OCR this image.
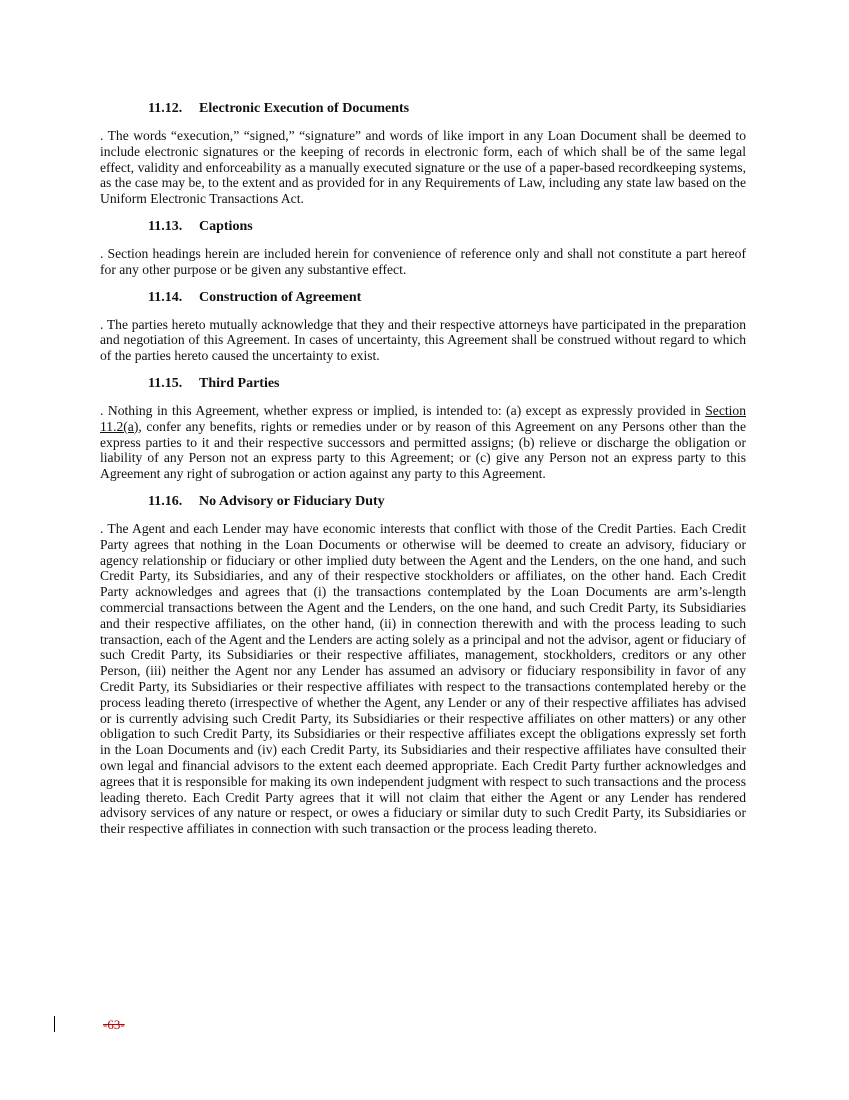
11.12. Electronic Execution of Documents

. The words “execution,” “signed,” “signature” and words of like import in any Loan Document shall be deemed to include electronic signatures or the keeping of records in electronic form, each of which shall be of the same legal effect, validity and enforceability as a manually executed signature or the use of a paper-based recordkeeping systems, as the case may be, to the extent and as provided for in any Requirements of Law, including any state law based on the Uniform Electronic Transactions Act.

11.13. Captions

. Section headings herein are included herein for convenience of reference only and shall not constitute a part hereof for any other purpose or be given any substantive effect.

11.14. Construction of Agreement

. The parties hereto mutually acknowledge that they and their respective attorneys have participated in the preparation and negotiation of this Agreement. In cases of uncertainty, this Agreement shall be construed without regard to which of the parties hereto caused the uncertainty to exist.

11.15. Third Parties

. Nothing in this Agreement, whether express or implied, is intended to: (a) except as expressly provided in Section 11.2(a), confer any benefits, rights or remedies under or by reason of this Agreement on any Persons other than the express parties to it and their respective successors and permitted assigns; (b) relieve or discharge the obligation or liability of any Person not an express party to this Agreement; or (c) give any Person not an express party to this Agreement any right of subrogation or action against any party to this Agreement.

11.16. No Advisory or Fiduciary Duty

. The Agent and each Lender may have economic interests that conflict with those of the Credit Parties. Each Credit Party agrees that nothing in the Loan Documents or otherwise will be deemed to create an advisory, fiduciary or agency relationship or fiduciary or other implied duty between the Agent and the Lenders, on the one hand, and such Credit Party, its Subsidiaries, and any of their respective stockholders or affiliates, on the other hand. Each Credit Party acknowledges and agrees that (i) the transactions contemplated by the Loan Documents are arm’s-length commercial transactions between the Agent and the Lenders, on the one hand, and such Credit Party, its Subsidiaries and their respective affiliates, on the other hand, (ii) in connection therewith and with the process leading to such transaction, each of the Agent and the Lenders are acting solely as a principal and not the advisor, agent or fiduciary of such Credit Party, its Subsidiaries or their respective affiliates, management, stockholders, creditors or any other Person, (iii) neither the Agent nor any Lender has assumed an advisory or fiduciary responsibility in favor of any Credit Party, its Subsidiaries or their respective affiliates with respect to the transactions contemplated hereby or the process leading thereto (irrespective of whether the Agent, any Lender or any of their respective affiliates has advised or is currently advising such Credit Party, its Subsidiaries or their respective affiliates on other matters) or any other obligation to such Credit Party, its Subsidiaries or their respective affiliates except the obligations expressly set forth in the Loan Documents and (iv) each Credit Party, its Subsidiaries and their respective affiliates have consulted their own legal and financial advisors to the extent each deemed appropriate. Each Credit Party further acknowledges and agrees that it is responsible for making its own independent judgment with respect to such transactions and the process leading thereto. Each Credit Party agrees that it will not claim that either the Agent or any Lender has rendered advisory services of any nature or respect, or owes a fiduciary or similar duty to such Credit Party, its Subsidiaries or their respective affiliates in connection with such transaction or the process leading thereto.

-63-
